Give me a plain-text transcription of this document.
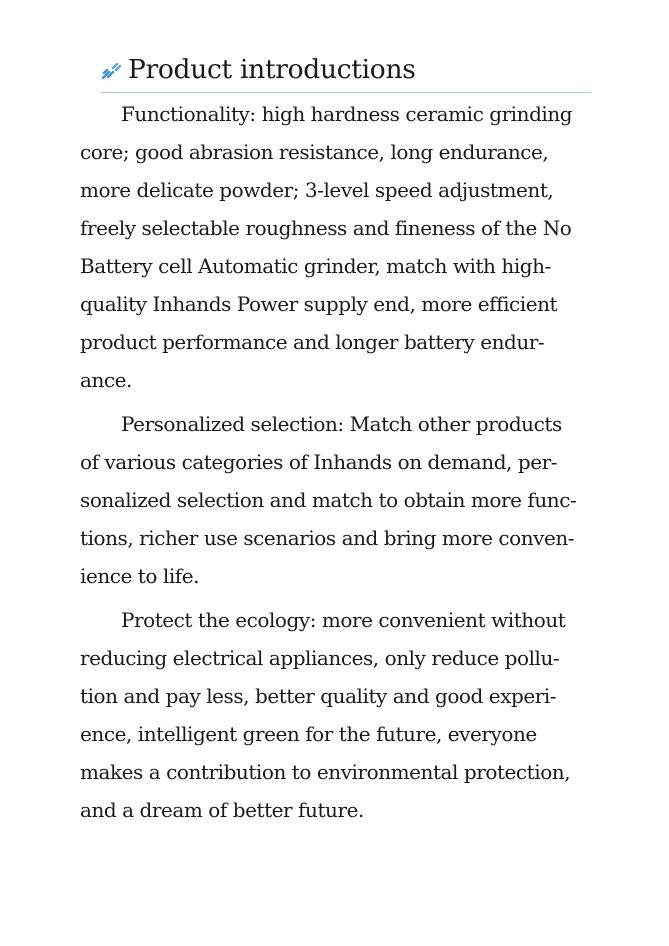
Product introductions
Functionality: high hardness ceramic grinding
core; good abrasion resistance, long endurance,
more delicate powder; 3-level speed adjustment,
freely selectable roughness and fineness of the No
Battery cell Automatic grinder, match with high-
quality Inhands Power supply end, more efficient
product performance and longer battery endur-
ance.
Personalized selection: Match other products
of various categories of Inhands on demand, per-
sonalized selection and match to obtain more func-
tions, richer use scenarios and bring more conven-
ience to life.
Protect the ecology: more convenient without
reducing electrical appliances, only reduce pollu-
tion and pay less, better quality and good experi-
ence, intelligent green for the future, everyone
makes a contribution to environmental protection,
and a dream of better future.
